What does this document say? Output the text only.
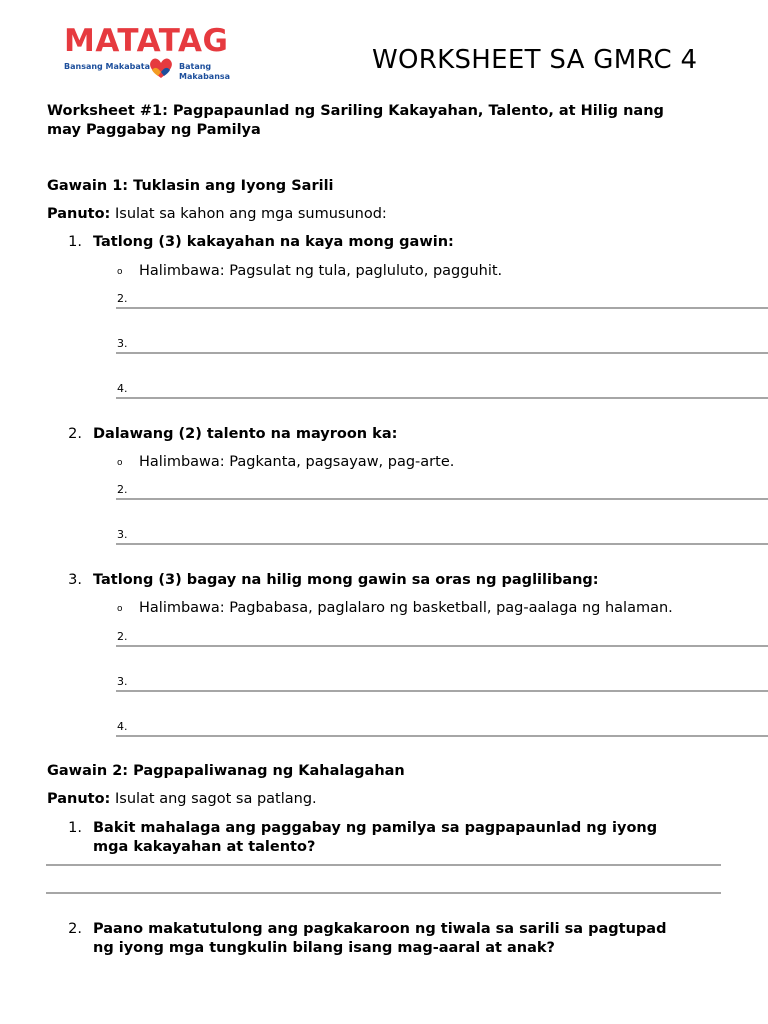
MATATAG
Bansang Makabata	Batang Makabansa
WORKSHEET SA GMRC 4
Worksheet #1: Pagpapaunlad ng Sariling Kakayahan, Talento, at Hilig nang
may Paggabay ng Pamilya
Gawain 1: Tuklasin ang Iyong Sarili
Panuto: Isulat sa kahon ang mga sumusunod:
1. Tatlong (3) kakayahan na kaya mong gawin:
o Halimbawa: Pagsulat ng tula, pagluluto, pagguhit.
2.
3.
4.
2. Dalawang (2) talento na mayroon ka:
o Halimbawa: Pagkanta, pagsayaw, pag-arte.
2.
3.
3. Tatlong (3) bagay na hilig mong gawin sa oras ng paglilibang:
o Halimbawa: Pagbabasa, paglalaro ng basketball, pag-aalaga ng halaman.
2.
3.
4.
Gawain 2: Pagpapaliwanag ng Kahalagahan
Panuto: Isulat ang sagot sa patlang.
1. Bakit mahalaga ang paggabay ng pamilya sa pagpapaunlad ng iyong
mga kakayahan at talento?
2. Paano makatutulong ang pagkakaroon ng tiwala sa sarili sa pagtupad
ng iyong mga tungkulin bilang isang mag-aaral at anak?
